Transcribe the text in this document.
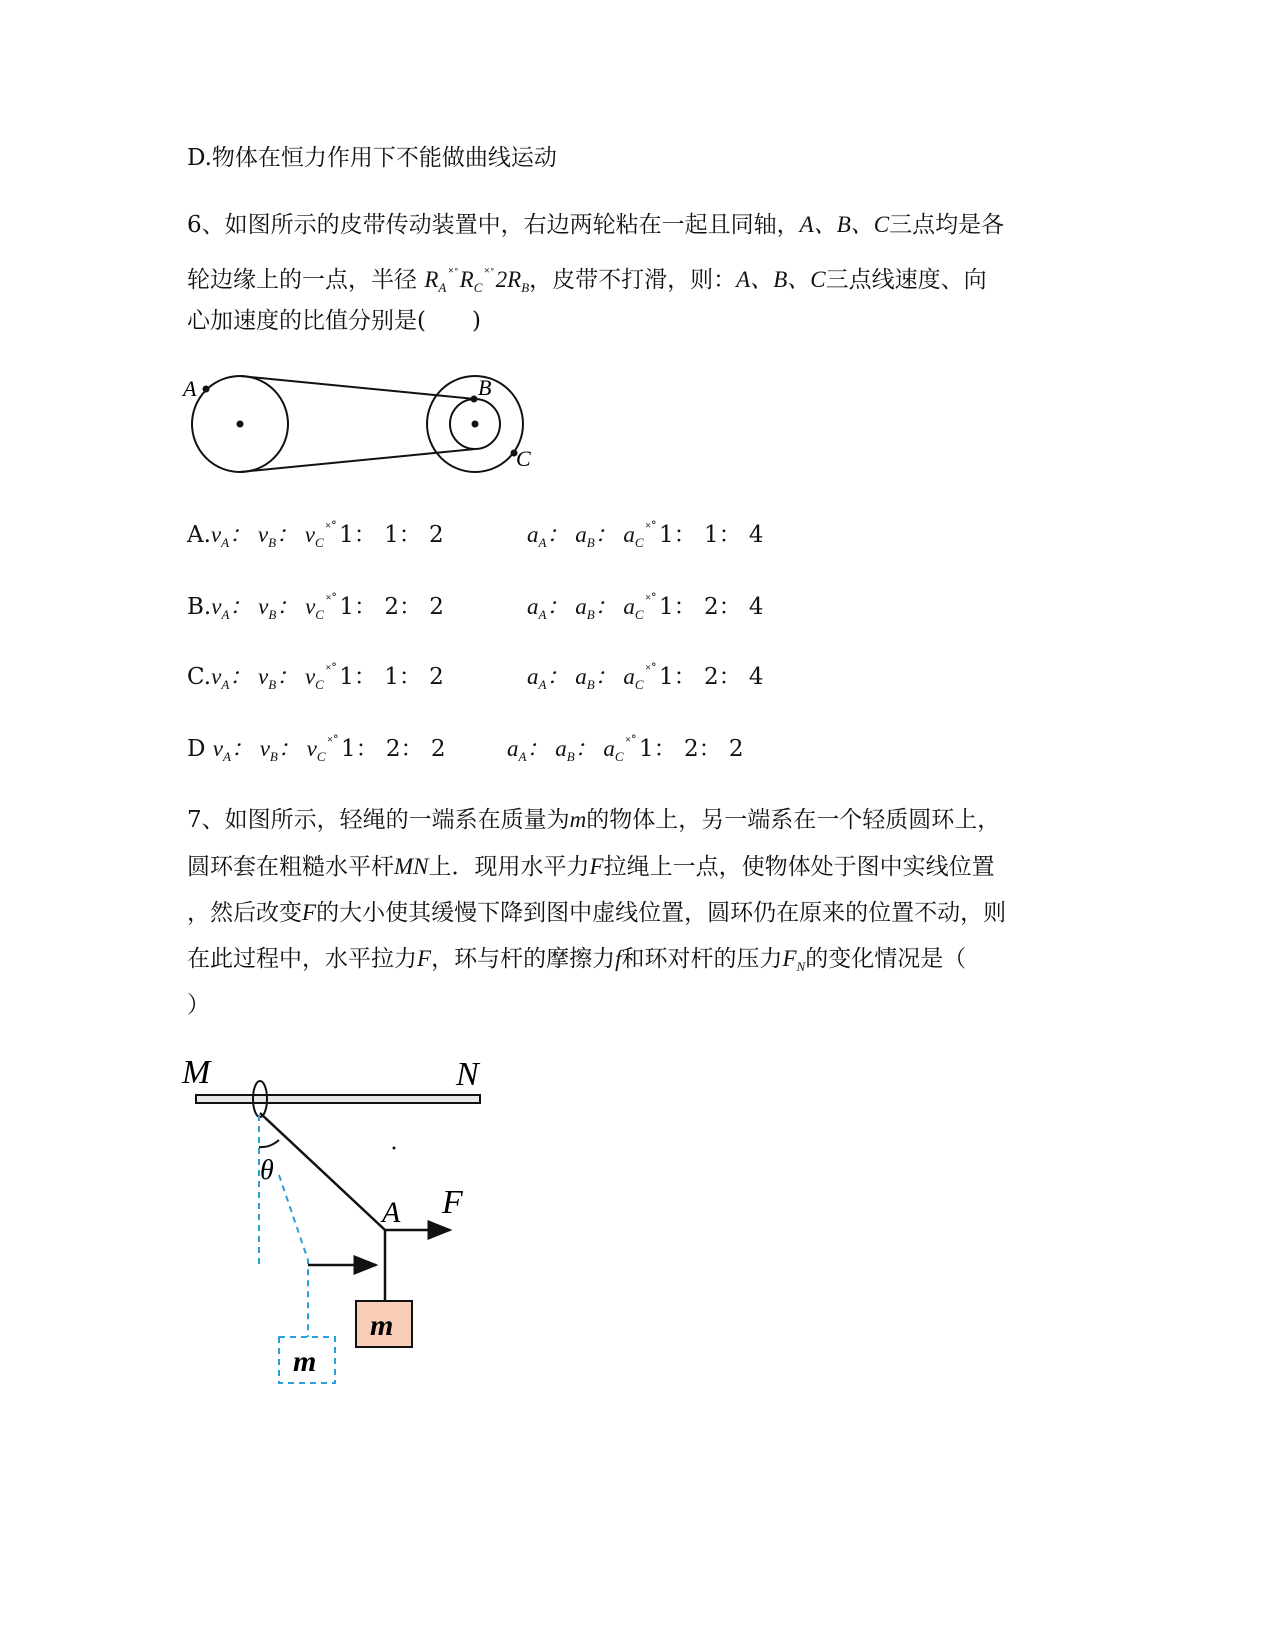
D.物体在恒力作用下不能做曲线运动
6、如图所示的皮带传动装置中，右边两轮粘在一起且同轴，A、B、C三点均是各
轮边缘上的一点，半径 $R_A^{˟˚}R_C^{˟˚}2R_B$，皮带不打滑，则：A、B、C三点线速度、向
心加速度的比值分别是(　　)
A	B
C
$A.v_A$： $v_B$： $v_C^{˟˚}1$： 1： 2	$a_A$： $a_B$： $a_C^{˟˚}1$： 1： 4
$B.v_A$： $v_B$： $v_C^{˟˚}1$： 2： 2	$a_A$： $a_B$： $a_C^{˟˚}1$： 2： 4
$C.v_A$： $v_B$： $v_C^{˟˚}1$： 1： 2	$a_A$： $a_B$： $a_C^{˟˚}1$： 2： 4
D $v_A$： $v_B$： $v_C^{˟˚}1$： 2： 2	$a_A$： $a_B$： $a_C^{˟˚}1$： 2： 2
7、如图所示，轻绳的一端系在质量为m的物体上，另一端系在一个轻质圆环上，
圆环套在粗糙水平杆MN上．现用水平力F拉绳上一点，使物体处于图中实线位置
，然后改变F的大小使其缓慢下降到图中虚线位置，圆环仍在原来的位置不动，则
在此过程中，水平拉力F，环与杆的摩擦力f和环对杆的压力$F_N$的变化情况是（
）
M	N
θ
A F
m
m
